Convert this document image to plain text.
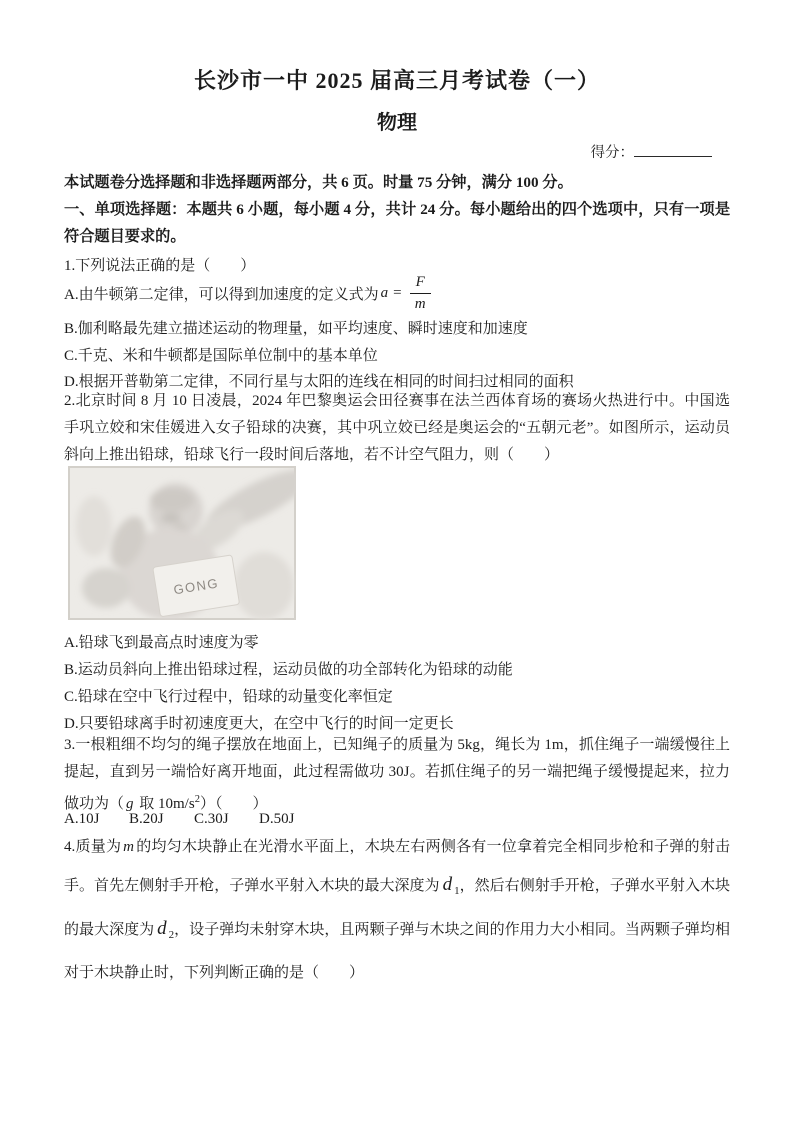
长沙市一中 2025 届高三月考试卷（一）
物理
得分：

本试题卷分选择题和非选择题两部分，共 6 页。时量 75 分钟，满分 100 分。

一、单项选择题：本题共 6 小题，每小题 4 分，共计 24 分。每小题给出的四个选项中，只有一项是符合题目要求的。

1.下列说法正确的是（　　）

A.由牛顿第二定律，可以得到加速度的定义式为 $a = \frac{F}{m}$

B.伽利略最先建立描述运动的物理量，如平均速度、瞬时速度和加速度

C.千克、米和牛顿都是国际单位制中的基本单位

D.根据开普勒第二定律，不同行星与太阳的连线在相同的时间扫过相同的面积

2.北京时间 8 月 10 日凌晨，2024 年巴黎奥运会田径赛事在法兰西体育场的赛场火热进行中。中国选手巩立姣和宋佳媛进入女子铅球的决赛，其中巩立姣已经是奥运会的“五朝元老”。如图所示，运动员斜向上推出铅球，铅球飞行一段时间后落地，若不计空气阻力，则（　　）

GONG

A.铅球飞到最高点时速度为零

B.运动员斜向上推出铅球过程，运动员做的功全部转化为铅球的动能

C.铅球在空中飞行过程中，铅球的动量变化率恒定

D.只要铅球离手时初速度更大，在空中飞行的时间一定更长

3.一根粗细不均匀的绳子摆放在地面上，已知绳子的质量为 5kg，绳长为 1m，抓住绳子一端缓慢往上提起，直到另一端恰好离开地面，此过程需做功 30J。若抓住绳子的另一端把绳子缓慢提起来，拉力做功为（ g 取 $10m/s^2$）（　　）

A.10J	B.20J	C.30J	D.50J

4.质量为 m 的均匀木块静止在光滑水平面上，木块左右两侧各有一位拿着完全相同步枪和子弹的射击手。首先左侧射手开枪，子弹水平射入木块的最大深度为 d $_1$，然后右侧射手开枪，子弹水平射入木块的最大深度为 d $_2$，设子弹均未射穿木块，且两颗子弹与木块之间的作用力大小相同。当两颗子弹均相对于木块静止时，下列判断正确的是（　　）
